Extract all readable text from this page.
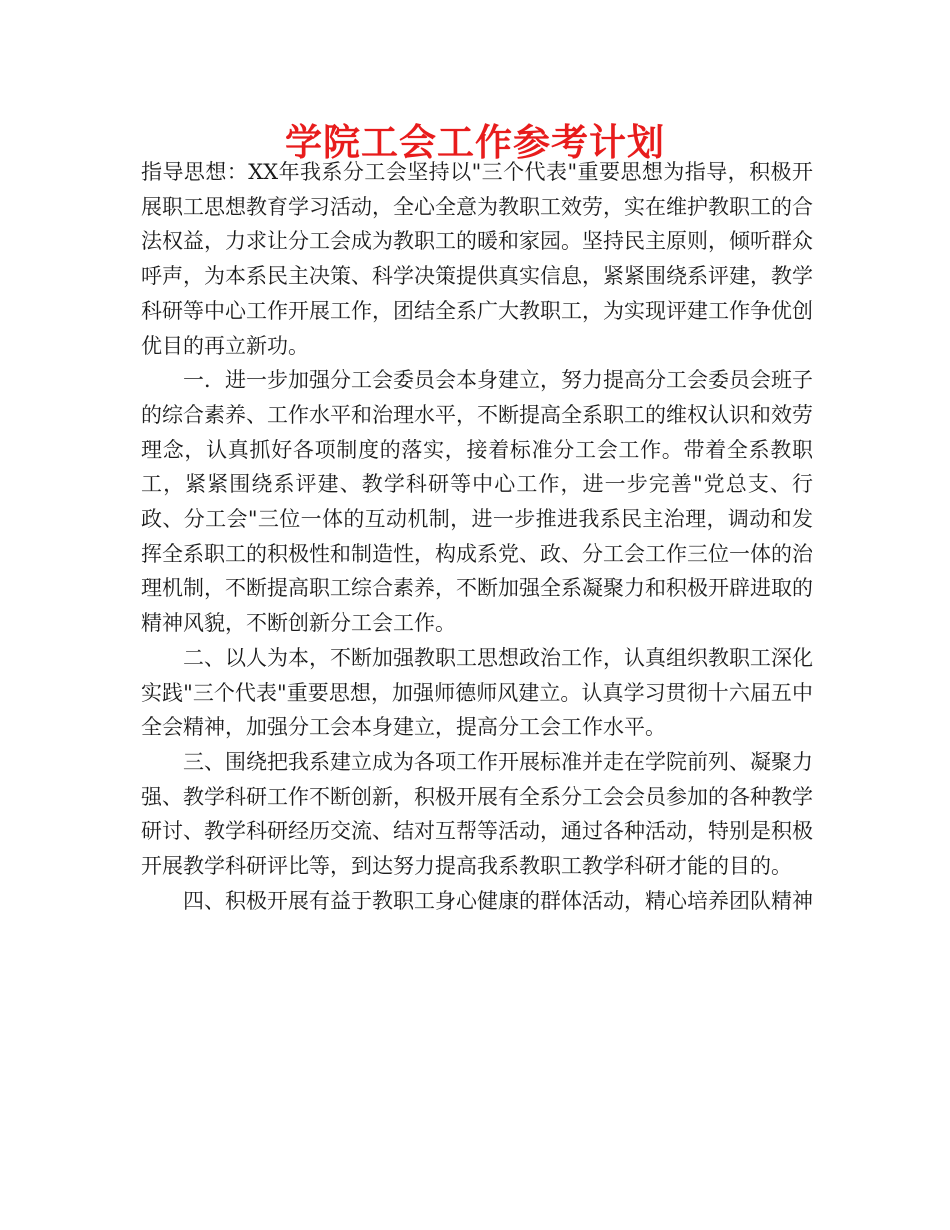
学院工会工作参考计划

指导思想：XX年我系分工会坚持以"三个代表"重要思想为指导，积极开展职工思想教育学习活动，全心全意为教职工效劳，实在维护教职工的合法权益，力求让分工会成为教职工的暖和家园。坚持民主原则，倾听群众呼声，为本系民主决策、科学决策提供真实信息，紧紧围绕系评建，教学科研等中心工作开展工作，团结全系广大教职工，为实现评建工作争优创优目的再立新功。

一．进一步加强分工会委员会本身建立，努力提高分工会委员会班子的综合素养、工作水平和治理水平，不断提高全系职工的维权认识和效劳理念，认真抓好各项制度的落实，接着标准分工会工作。带着全系教职工，紧紧围绕系评建、教学科研等中心工作，进一步完善"党总支、行政、分工会"三位一体的互动机制，进一步推进我系民主治理，调动和发挥全系职工的积极性和制造性，构成系党、政、分工会工作三位一体的治理机制，不断提高职工综合素养，不断加强全系凝聚力和积极开辟进取的精神风貌，不断创新分工会工作。

二、以人为本，不断加强教职工思想政治工作，认真组织教职工深化实践"三个代表"重要思想，加强师德师风建立。认真学习贯彻十六届五中全会精神，加强分工会本身建立，提高分工会工作水平。

三、围绕把我系建立成为各项工作开展标准并走在学院前列、凝聚力强、教学科研工作不断创新，积极开展有全系分工会会员参加的各种教学研讨、教学科研经历交流、结对互帮等活动，通过各种活动，特别是积极开展教学科研评比等，到达努力提高我系教职工教学科研才能的目的。

四、积极开展有益于教职工身心健康的群体活动，精心培养团队精神
